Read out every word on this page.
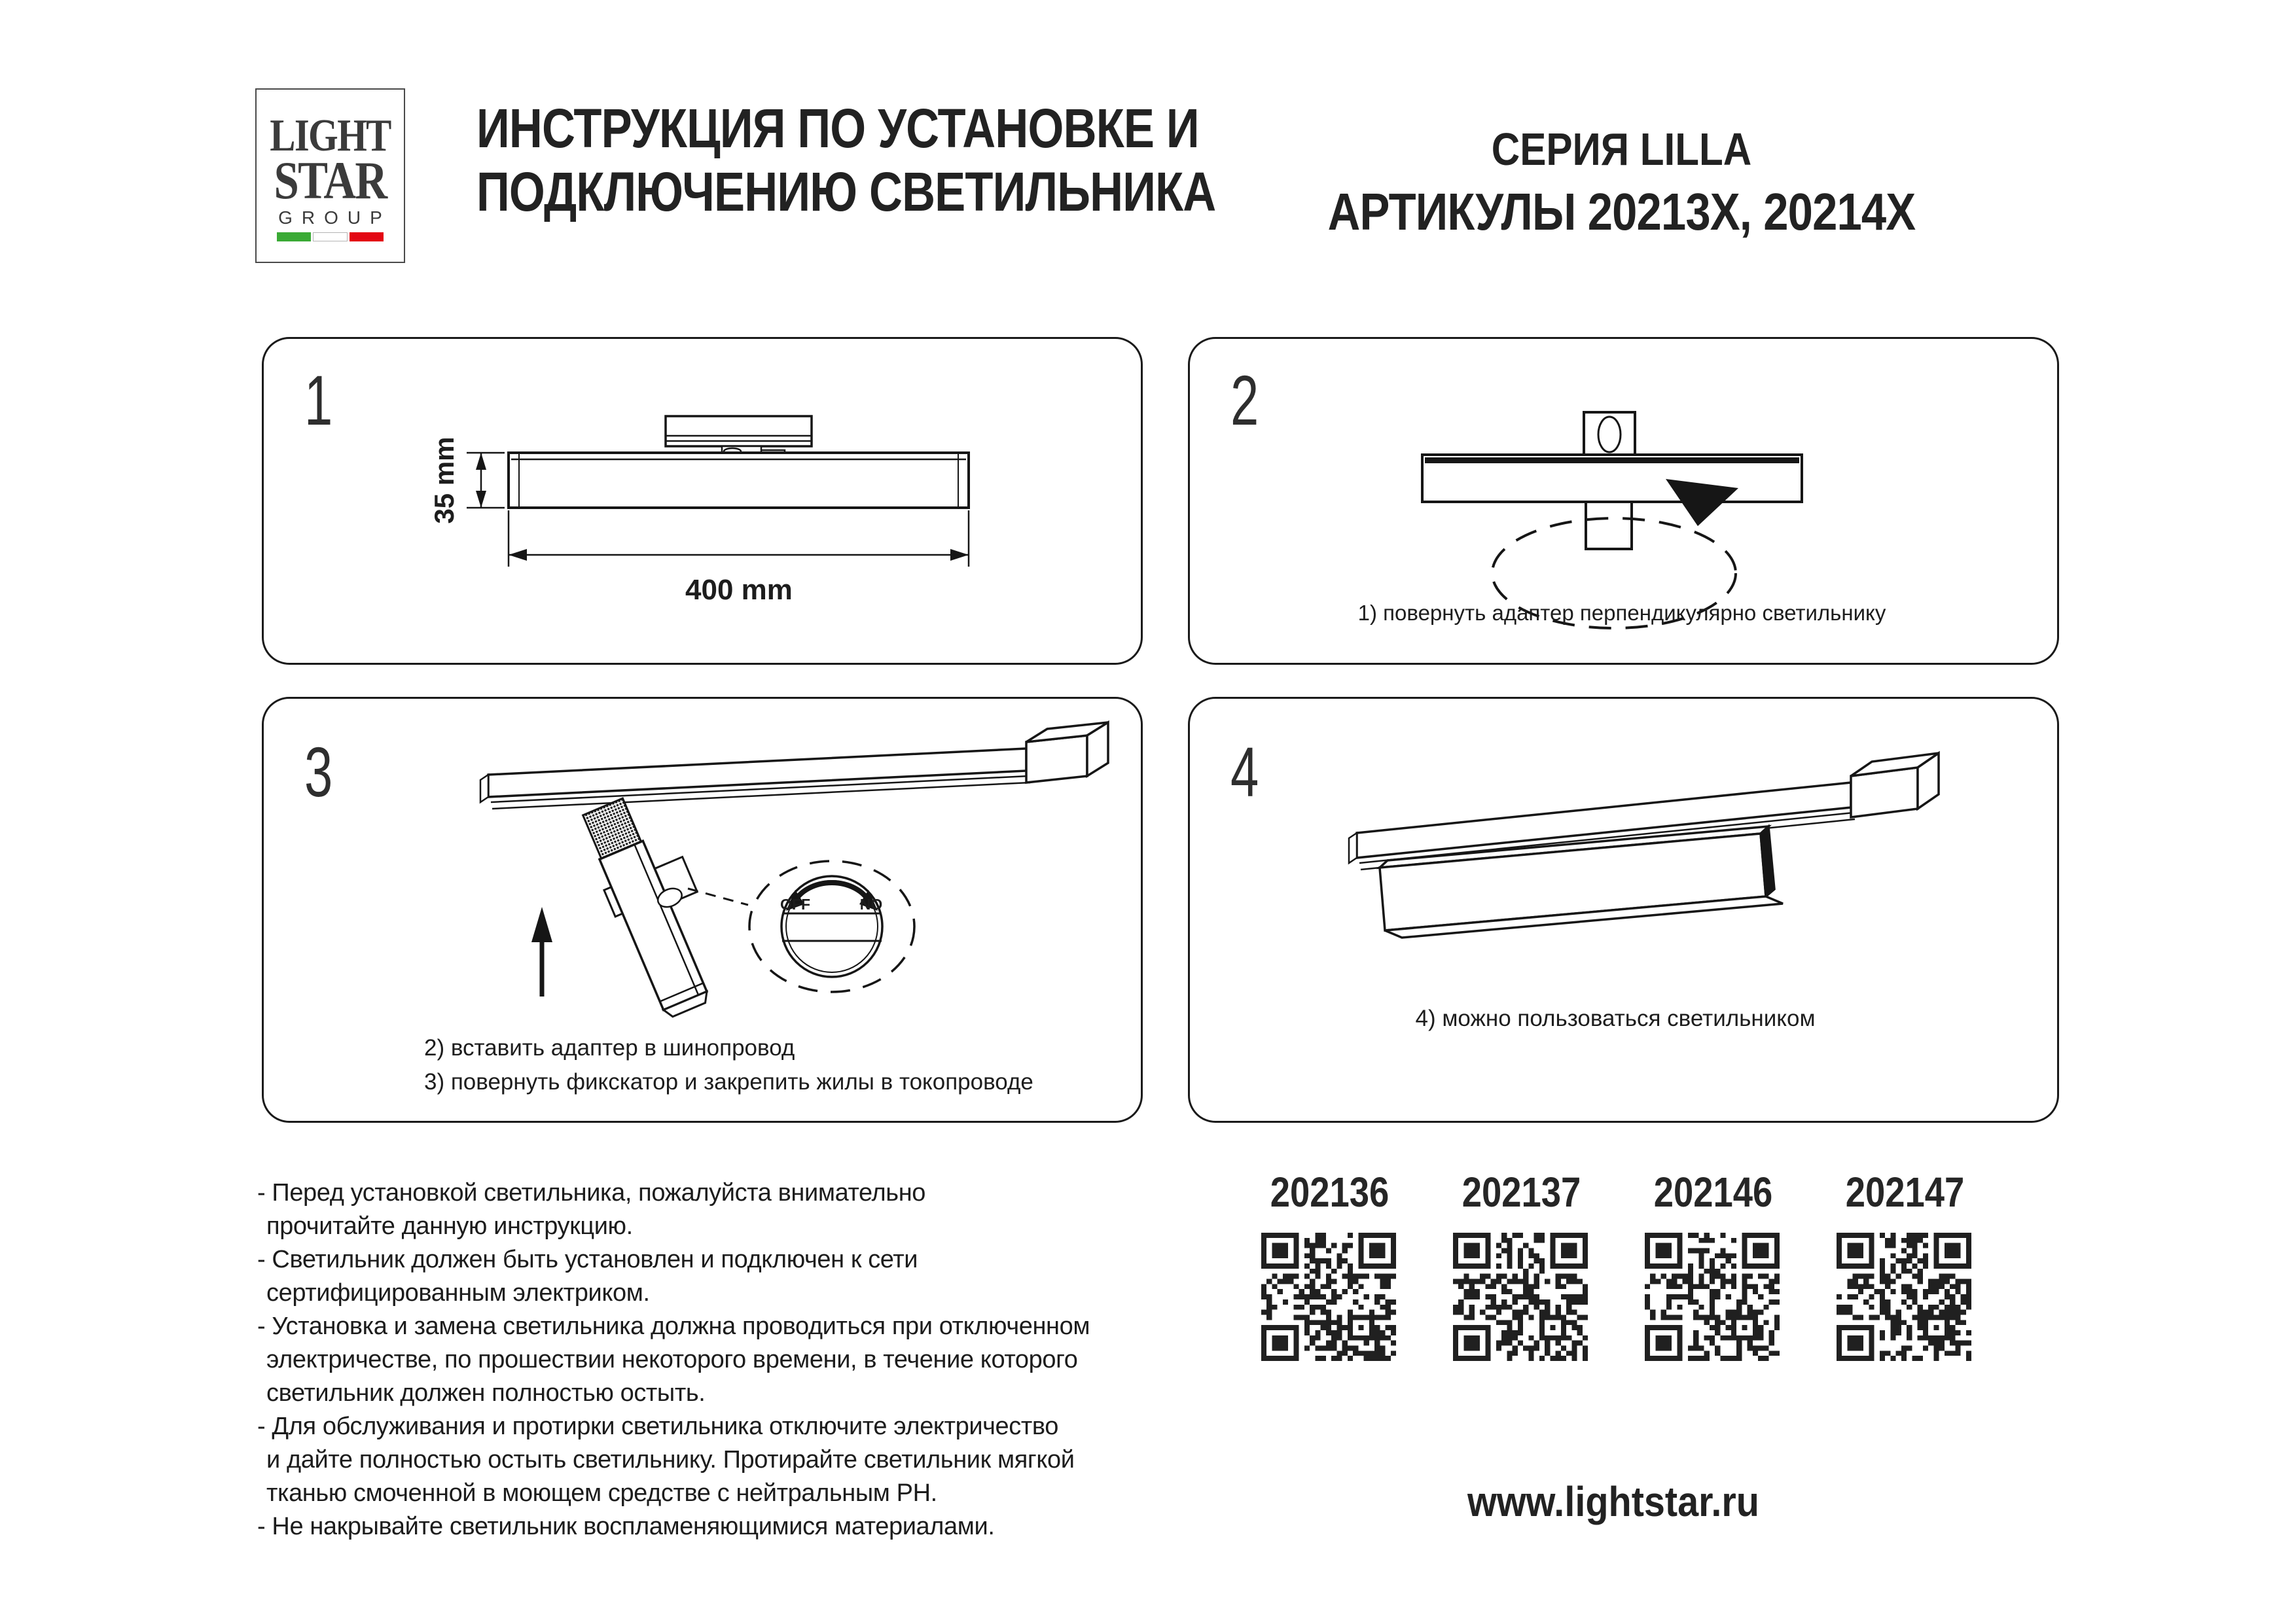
LIGHT
STAR
GROUP
ИНСТРУКЦИЯ ПО УСТАНОВКЕ И
ПОДКЛЮЧЕНИЮ СВЕТИЛЬНИКА
СЕРИЯ LILLA
АРТИКУЛЫ 20213X, 20214X
1
35 mm
400 mm
2
1) повернуть адаптер перпендикулярно светильнику
3
OFF	NO
2) вставить адаптер в шинопровод
3) повернуть фикскатор и закрепить жилы в токопроводе
4
4) можно пользоваться светильником
- Перед установкой светильника, пожалуйста внимательно
прочитайте данную инструкцию.
- Светильник должен быть установлен и подключен к сети
сертифицированным электриком.
- Установка и замена светильника должна проводиться при отключенном
электричестве, по прошествии некоторого времени, в течение которого
светильник должен полностью остыть.
- Для обслуживания и протирки светильника отключите электричество
и дайте полностью остыть светильнику. Протирайте светильник мягкой
тканью смоченной в моющем средстве с нейтральным PH.
- Не накрывайте светильник воспламеняющимися материалами.
202136 202137 202146 202147
www.lightstar.ru
